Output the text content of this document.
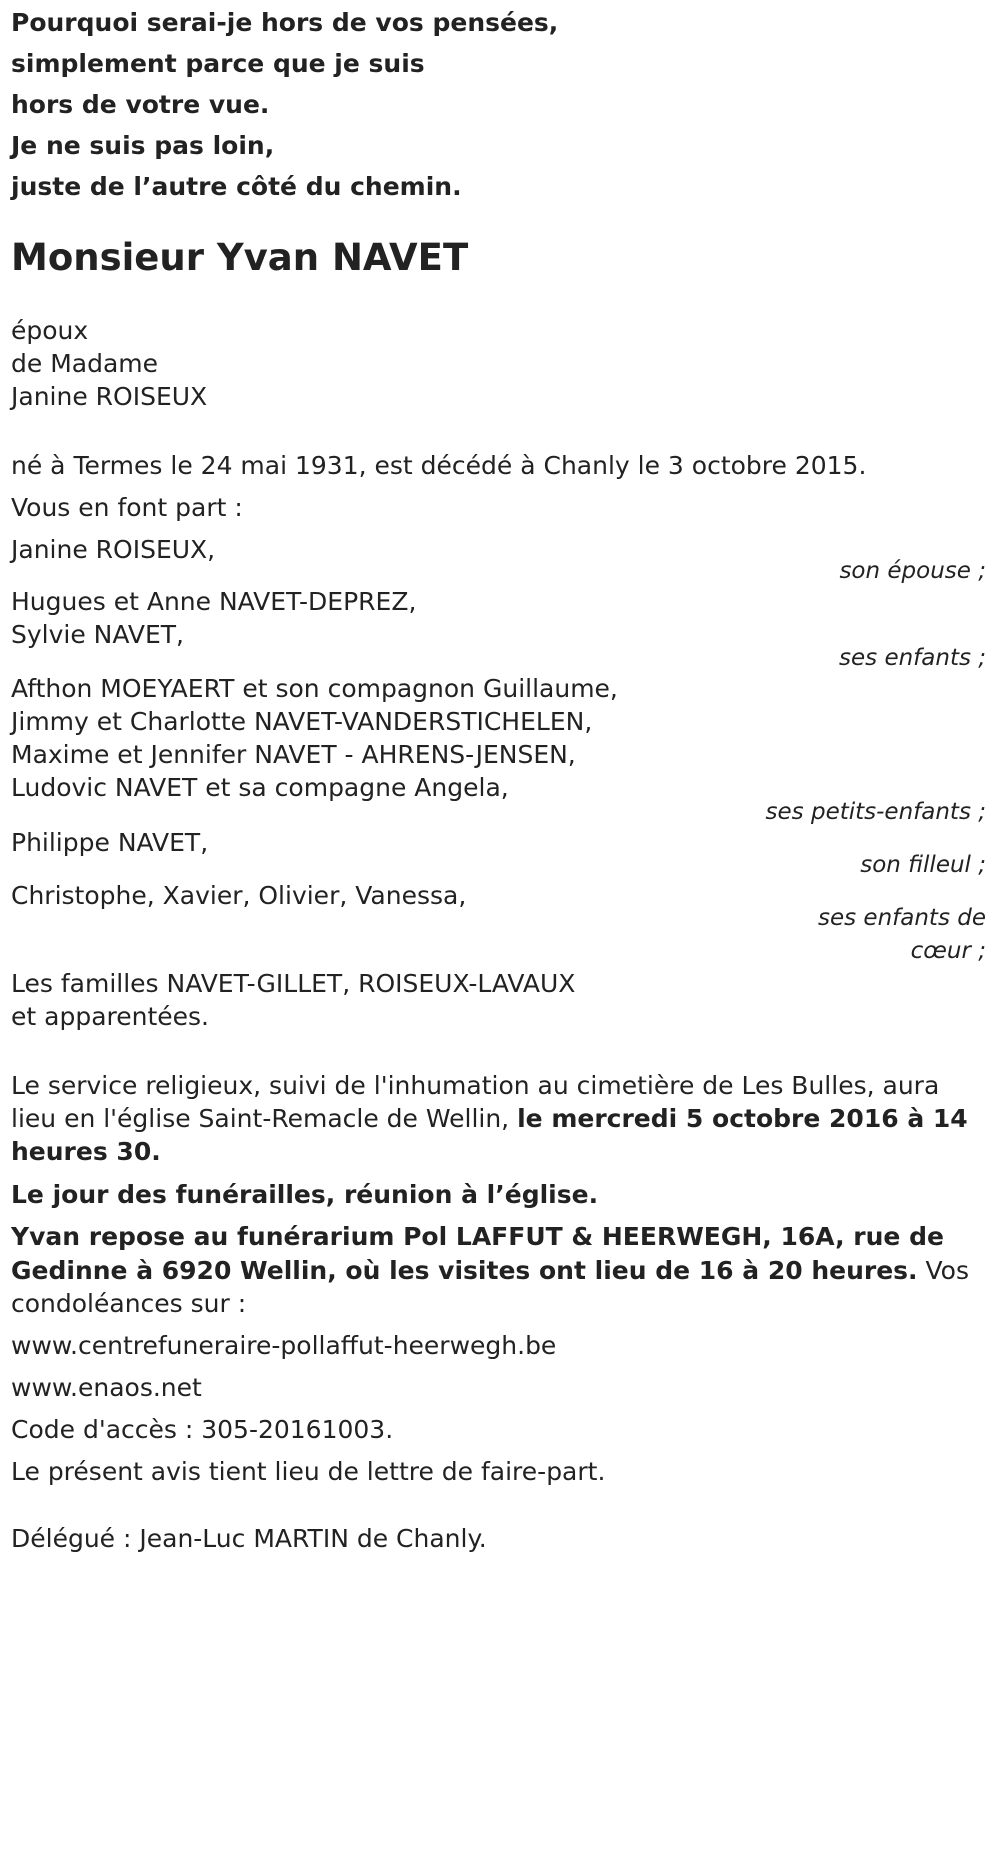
Pourquoi serai-je hors de vos pensées,
simplement parce que je suis
hors de votre vue.
Je ne suis pas loin,
juste de l’autre côté du chemin.
Monsieur Yvan NAVET
époux
de Madame
Janine ROISEUX
né à Termes le 24 mai 1931, est décédé à Chanly le 3 octobre 2015.
Vous en font part :
Janine ROISEUX,
son épouse ;
Hugues et Anne NAVET-DEPREZ,
Sylvie NAVET,
ses enfants ;
Afthon MOEYAERT et son compagnon Guillaume,
Jimmy et Charlotte NAVET-VANDERSTICHELEN,
Maxime et Jennifer NAVET - AHRENS-JENSEN,
Ludovic NAVET et sa compagne Angela,
ses petits-enfants ;
Philippe NAVET,
son filleul ;
Christophe, Xavier, Olivier, Vanessa,
ses enfants de
cœur ;
Les familles NAVET-GILLET, ROISEUX-LAVAUX
et apparentées.
Le service religieux, suivi de l'inhumation au cimetière de Les Bulles, aura
lieu en l'église Saint-Remacle de Wellin, le mercredi 5 octobre 2016 à 14
heures 30.
Le jour des funérailles, réunion à l’église.
Yvan repose au funérarium Pol LAFFUT & HEERWEGH, 16A, rue de
Gedinne à 6920 Wellin, où les visites ont lieu de 16 à 20 heures. Vos
condoléances sur :
www.centrefuneraire-pollaffut-heerwegh.be
www.enaos.net
Code d'accès : 305-20161003.
Le présent avis tient lieu de lettre de faire-part.
Délégué : Jean-Luc MARTIN de Chanly.
